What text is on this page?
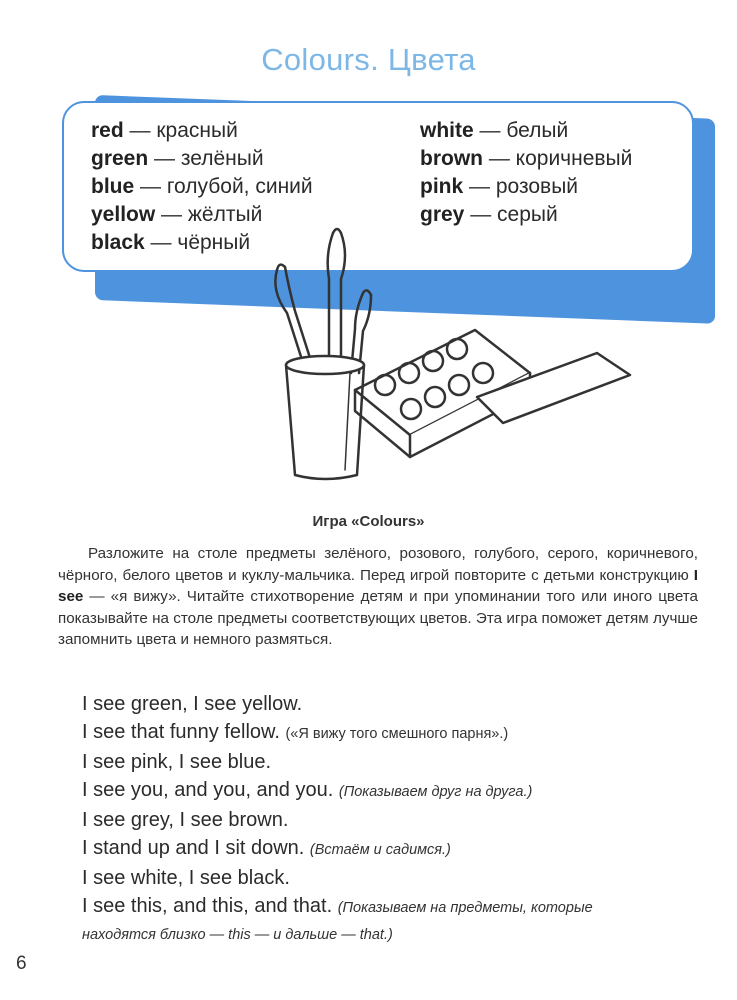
Colours. Цвета
red — красный
green — зелёный
blue — голубой, синий
yellow — жёлтый
black — чёрный
white — белый
brown — коричневый
pink — розовый
grey — серый
Игра «Colours»

Разложите на столе предметы зелёного, розового, голубого, серого, коричневого, чёрного, белого цветов и куклу-мальчика. Перед игрой повторите с детьми конструкцию I see — «я вижу». Читайте стихотворение детям и при упоминании того или иного цвета показывайте на столе предметы соответствующих цветов. Эта игра поможет детям лучше запомнить цвета и немного размяться.

I see green, I see yellow.
I see that funny fellow. («Я вижу того смешного парня».)
I see pink, I see blue.
I see you, and you, and you. (Показываем друг на друга.)
I see grey, I see brown.
I stand up and I sit down. (Встаём и садимся.)
I see white, I see black.
I see this, and this, and that. (Показываем на предметы, которые
находятся близко — this — и дальше — that.)
6
